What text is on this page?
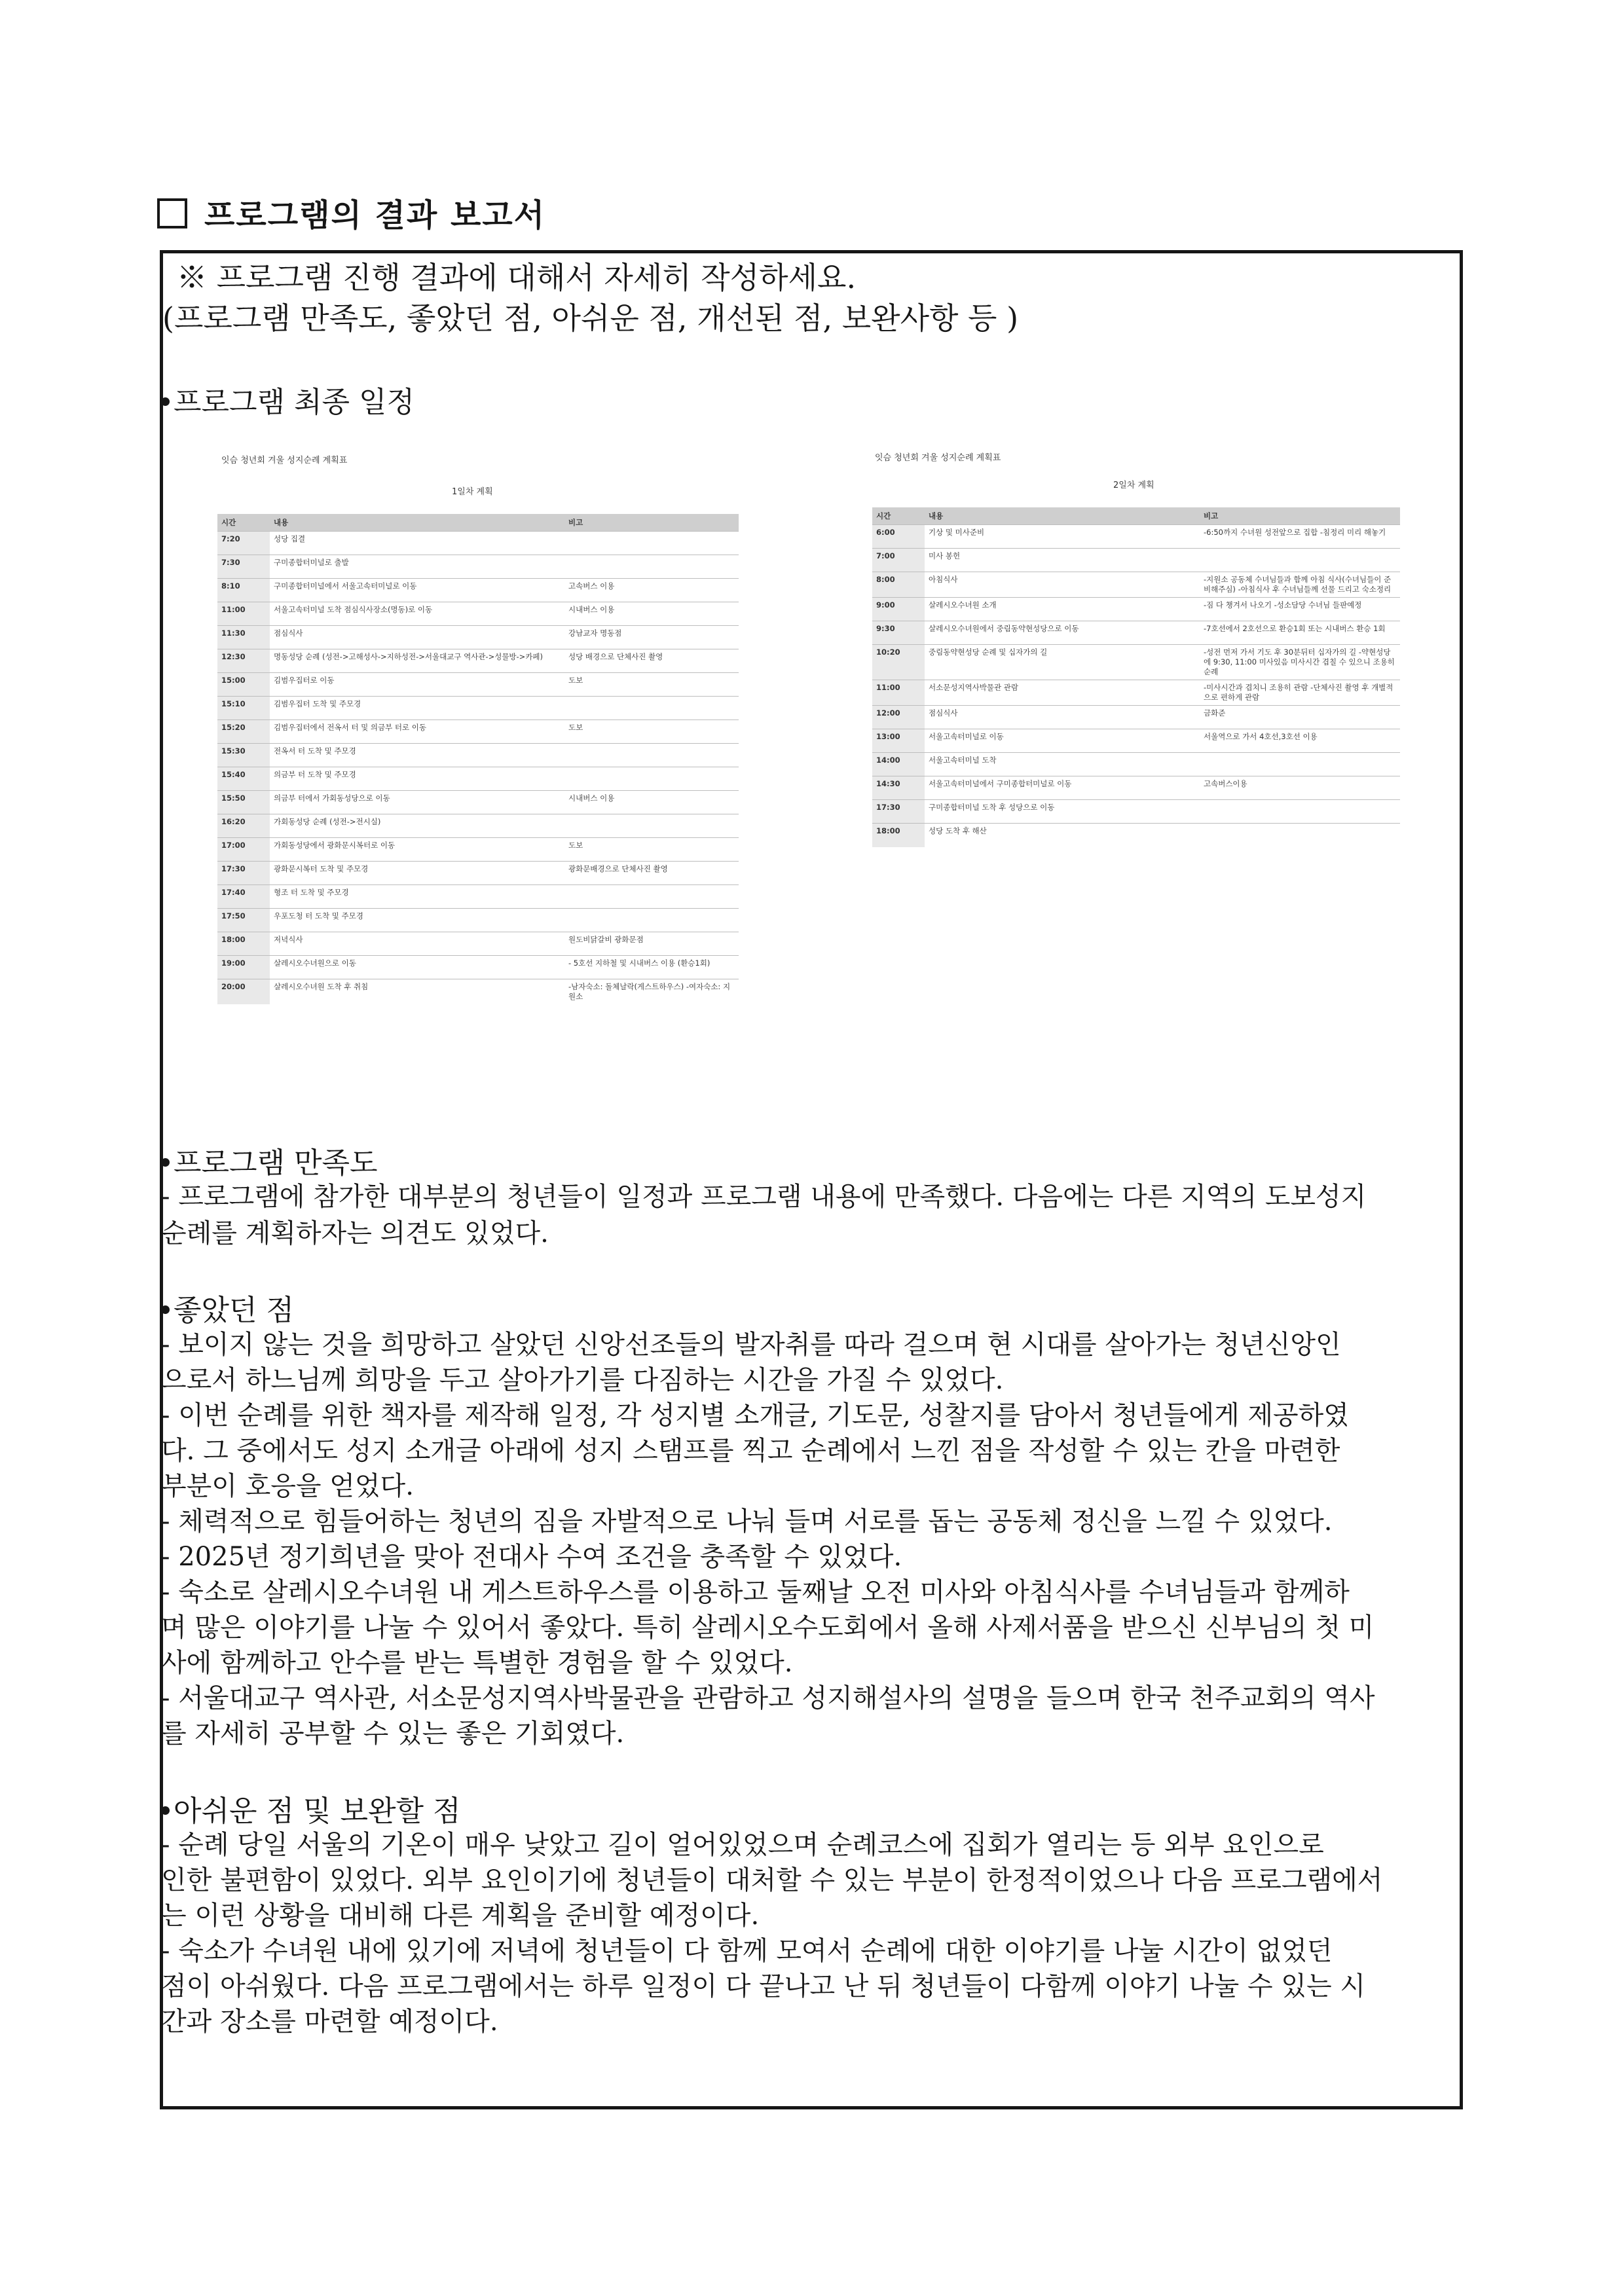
프로그램의 결과 보고서
※ 프로그램 진행 결과에 대해서 자세히 작성하세요.
(프로그램 만족도, 좋았던 점, 아쉬운 점, 개선된 점, 보완사항 등 )
프로그램 최종 일정
잇슴 청년회 겨울 성지순례 계획표
1일차 계획
시간	내용	비고
7:20	성당 집결	
7:30	구미종합터미널로 출발	
8:10	구미종합터미널에서 서울고속터미널로 이동	고속버스 이용
11:00	서울고속터미널 도착 점심식사장소(명동)로 이동	시내버스 이용
11:30	점심식사	강남교자 명동점
12:30	명동성당 순례 (성전->고해성사->지하성전->서울대교구 역사관->성물방->카페)	성당 배경으로 단체사진 촬영
15:00	김범우집터로 이동	도보
15:10	김범우집터 도착 및 주모경	
15:20	김범우집터에서 전옥서 터 및 의금부 터로 이동	도보
15:30	전옥서 터 도착 및 주모경	
15:40	의금부 터 도착 및 주모경	
15:50	의금부 터에서 가회동성당으로 이동	시내버스 이용
16:20	가회동성당 순례 (성전->전시실)	
17:00	가회동성당에서 광화문시복터로 이동	도보
17:30	광화문시복터 도착 및 주모경	광화문배경으로 단체사진 촬영
17:40	형조 터 도착 및 주모경	
17:50	우포도청 터 도착 및 주모경	
18:00	저녁식사	원도비닭갈비 광화문점
19:00	살레시오수녀원으로 이동	- 5호선 지하철 및 시내버스 이용 (환승1회)
20:00	살레시오수녀원 도착 후 취침	-남자숙소: 돌체날락(게스트하우스) -여자숙소: 지원소
잇슴 청년회 겨울 성지순례 계획표
2일차 계획
시간	내용	비고
6:00	기상 및 미사준비	-6:50까지 수녀원 성전앞으로 집합 -침정리 미리 해놓기
7:00	미사 봉헌	
8:00	아침식사	-지원소 공동체 수녀님들과 함께 아침 식사(수녀님들이 준비해주심) -아침식사 후 수녀님들께 선물 드리고 숙소정리
9:00	살레시오수녀원 소개	-짐 다 챙겨서 나오기 -성소담당 수녀님 들판예정
9:30	살레시오수녀원에서 중림동약현성당으로 이동	-7호선에서 2호선으로 환승1회 또는 시내버스 환승 1회
10:20	중림동약현성당 순례 및 십자가의 길	-성전 먼저 가서 기도 후 30분뒤터 십자가의 길 -약현성당에 9:30, 11:00 미사있음 미사시간 겹칠 수 있으니 조용히 순례
11:00	서소문성지역사박물관 관람	-미사시간과 겹치니 조용히 관람 -단체사진 촬영 후 개별적으로 편하게 관람
12:00	점심식사	금화준
13:00	서울고속터미널로 이동	서울역으로 가서 4호선,3호선 이용
14:00	서울고속터미널 도착	
14:30	서울고속터미널에서 구미종합터미널로 이동	고속버스이용
17:30	구미종합터미널 도착 후 성당으로 이동	
18:00	성당 도착 후 해산	
프로그램 만족도
- 프로그램에 참가한 대부분의 청년들이 일정과 프로그램 내용에 만족했다. 다음에는 다른 지역의 도보성지
순례를 계획하자는 의견도 있었다.
좋았던 점
- 보이지 않는 것을 희망하고 살았던 신앙선조들의 발자취를 따라 걸으며 현 시대를 살아가는 청년신앙인
으로서 하느님께 희망을 두고 살아가기를 다짐하는 시간을 가질 수 있었다.
- 이번 순례를 위한 책자를 제작해 일정, 각 성지별 소개글, 기도문, 성찰지를 담아서 청년들에게 제공하였
다. 그 중에서도 성지 소개글 아래에 성지 스탬프를 찍고 순례에서 느낀 점을 작성할 수 있는 칸을 마련한
부분이 호응을 얻었다.
- 체력적으로 힘들어하는 청년의 짐을 자발적으로 나눠 들며 서로를 돕는 공동체 정신을 느낄 수 있었다.
- 2025년 정기희년을 맞아 전대사 수여 조건을 충족할 수 있었다.
- 숙소로 살레시오수녀원 내 게스트하우스를 이용하고 둘째날 오전 미사와 아침식사를 수녀님들과 함께하
며 많은 이야기를 나눌 수 있어서 좋았다. 특히 살레시오수도회에서 올해 사제서품을 받으신 신부님의 첫 미
사에 함께하고 안수를 받는 특별한 경험을 할 수 있었다.
- 서울대교구 역사관, 서소문성지역사박물관을 관람하고 성지해설사의 설명을 들으며 한국 천주교회의 역사
를 자세히 공부할 수 있는 좋은 기회였다.
아쉬운 점 및 보완할 점
- 순례 당일 서울의 기온이 매우 낮았고 길이 얼어있었으며 순례코스에 집회가 열리는 등 외부 요인으로
인한 불편함이 있었다. 외부 요인이기에 청년들이 대처할 수 있는 부분이 한정적이었으나 다음 프로그램에서
는 이런 상황을 대비해 다른 계획을 준비할 예정이다.
- 숙소가 수녀원 내에 있기에 저녁에 청년들이 다 함께 모여서 순례에 대한 이야기를 나눌 시간이 없었던
점이 아쉬웠다. 다음 프로그램에서는 하루 일정이 다 끝나고 난 뒤 청년들이 다함께 이야기 나눌 수 있는 시
간과 장소를 마련할 예정이다.
